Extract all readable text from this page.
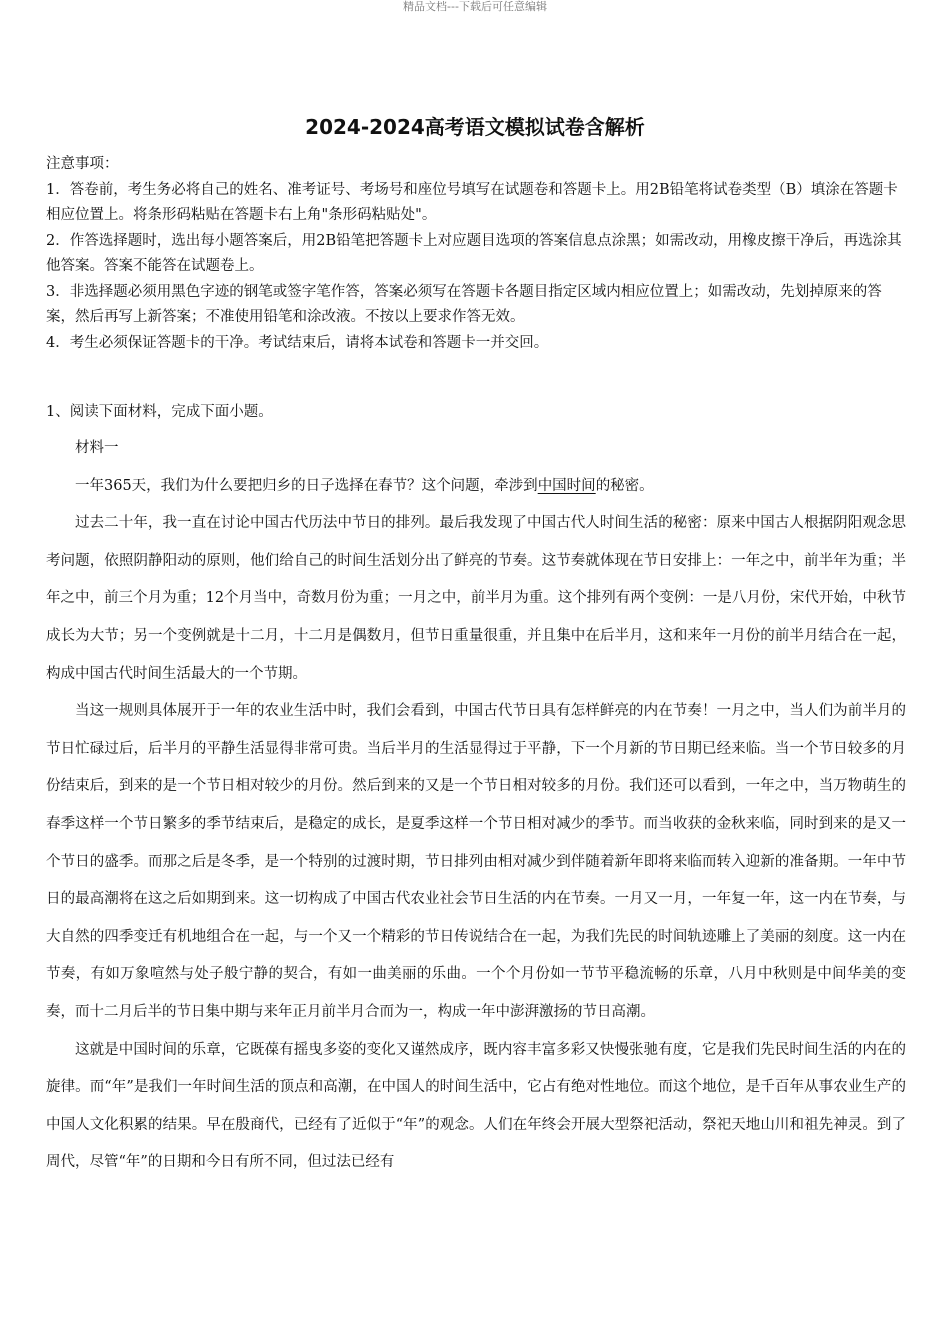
精品文档---下载后可任意编辑
2024-2024高考语文模拟试卷含解析

注意事项：

1．答卷前，考生务必将自己的姓名、准考证号、考场号和座位号填写在试题卷和答题卡上。用2B铅笔将试卷类型（B）填涂在答题卡相应位置上。将条形码粘贴在答题卡右上角"条形码粘贴处"。

2．作答选择题时，选出每小题答案后，用2B铅笔把答题卡上对应题目选项的答案信息点涂黑；如需改动，用橡皮擦干净后，再选涂其他答案。答案不能答在试题卷上。

3．非选择题必须用黑色字迹的钢笔或签字笔作答，答案必须写在答题卡各题目指定区域内相应位置上；如需改动，先划掉原来的答案，然后再写上新答案；不准使用铅笔和涂改液。不按以上要求作答无效。

4．考生必须保证答题卡的干净。考试结束后，请将本试卷和答题卡一并交回。

1、阅读下面材料，完成下面小题。

材料一

一年365天，我们为什么要把归乡的日子选择在春节？这个问题，牵涉到中国时间的秘密。

过去二十年，我一直在讨论中国古代历法中节日的排列。最后我发现了中国古代人时间生活的秘密：原来中国古人根据阴阳观念思考问题，依照阴静阳动的原则，他们给自己的时间生活划分出了鲜亮的节奏。这节奏就体现在节日安排上：一年之中，前半年为重；半年之中，前三个月为重；12个月当中，奇数月份为重；一月之中，前半月为重。这个排列有两个变例：一是八月份，宋代开始，中秋节成长为大节；另一个变例就是十二月，十二月是偶数月，但节日重量很重，并且集中在后半月，这和来年一月份的前半月结合在一起，构成中国古代时间生活最大的一个节期。

当这一规则具体展开于一年的农业生活中时，我们会看到，中国古代节日具有怎样鲜亮的内在节奏！一月之中，当人们为前半月的节日忙碌过后，后半月的平静生活显得非常可贵。当后半月的生活显得过于平静，下一个月新的节日期已经来临。当一个节日较多的月份结束后，到来的是一个节日相对较少的月份。然后到来的又是一个节日相对较多的月份。我们还可以看到，一年之中，当万物萌生的春季这样一个节日繁多的季节结束后，是稳定的成长，是夏季这样一个节日相对减少的季节。而当收获的金秋来临，同时到来的是又一个节日的盛季。而那之后是冬季，是一个特别的过渡时期，节日排列由相对减少到伴随着新年即将来临而转入迎新的准备期。一年中节日的最高潮将在这之后如期到来。这一切构成了中国古代农业社会节日生活的内在节奏。一月又一月，一年复一年，这一内在节奏，与大自然的四季变迁有机地组合在一起，与一个又一个精彩的节日传说结合在一起，为我们先民的时间轨迹雕上了美丽的刻度。这一内在节奏，有如万象喧然与处子般宁静的契合，有如一曲美丽的乐曲。一个个月份如一节节平稳流畅的乐章，八月中秋则是中间华美的变奏，而十二月后半的节日集中期与来年正月前半月合而为一，构成一年中澎湃激扬的节日高潮。

这就是中国时间的乐章，它既葆有摇曳多姿的变化又谨然成序，既内容丰富多彩又快慢张驰有度，它是我们先民时间生活的内在的旋律。而“年”是我们一年时间生活的顶点和高潮，在中国人的时间生活中，它占有绝对性地位。而这个地位，是千百年从事农业生产的中国人文化积累的结果。早在殷商代，已经有了近似于“年”的观念。人们在年终会开展大型祭祀活动，祭祀天地山川和祖先神灵。到了周代，尽管“年”的日期和今日有所不同，但过法已经有
